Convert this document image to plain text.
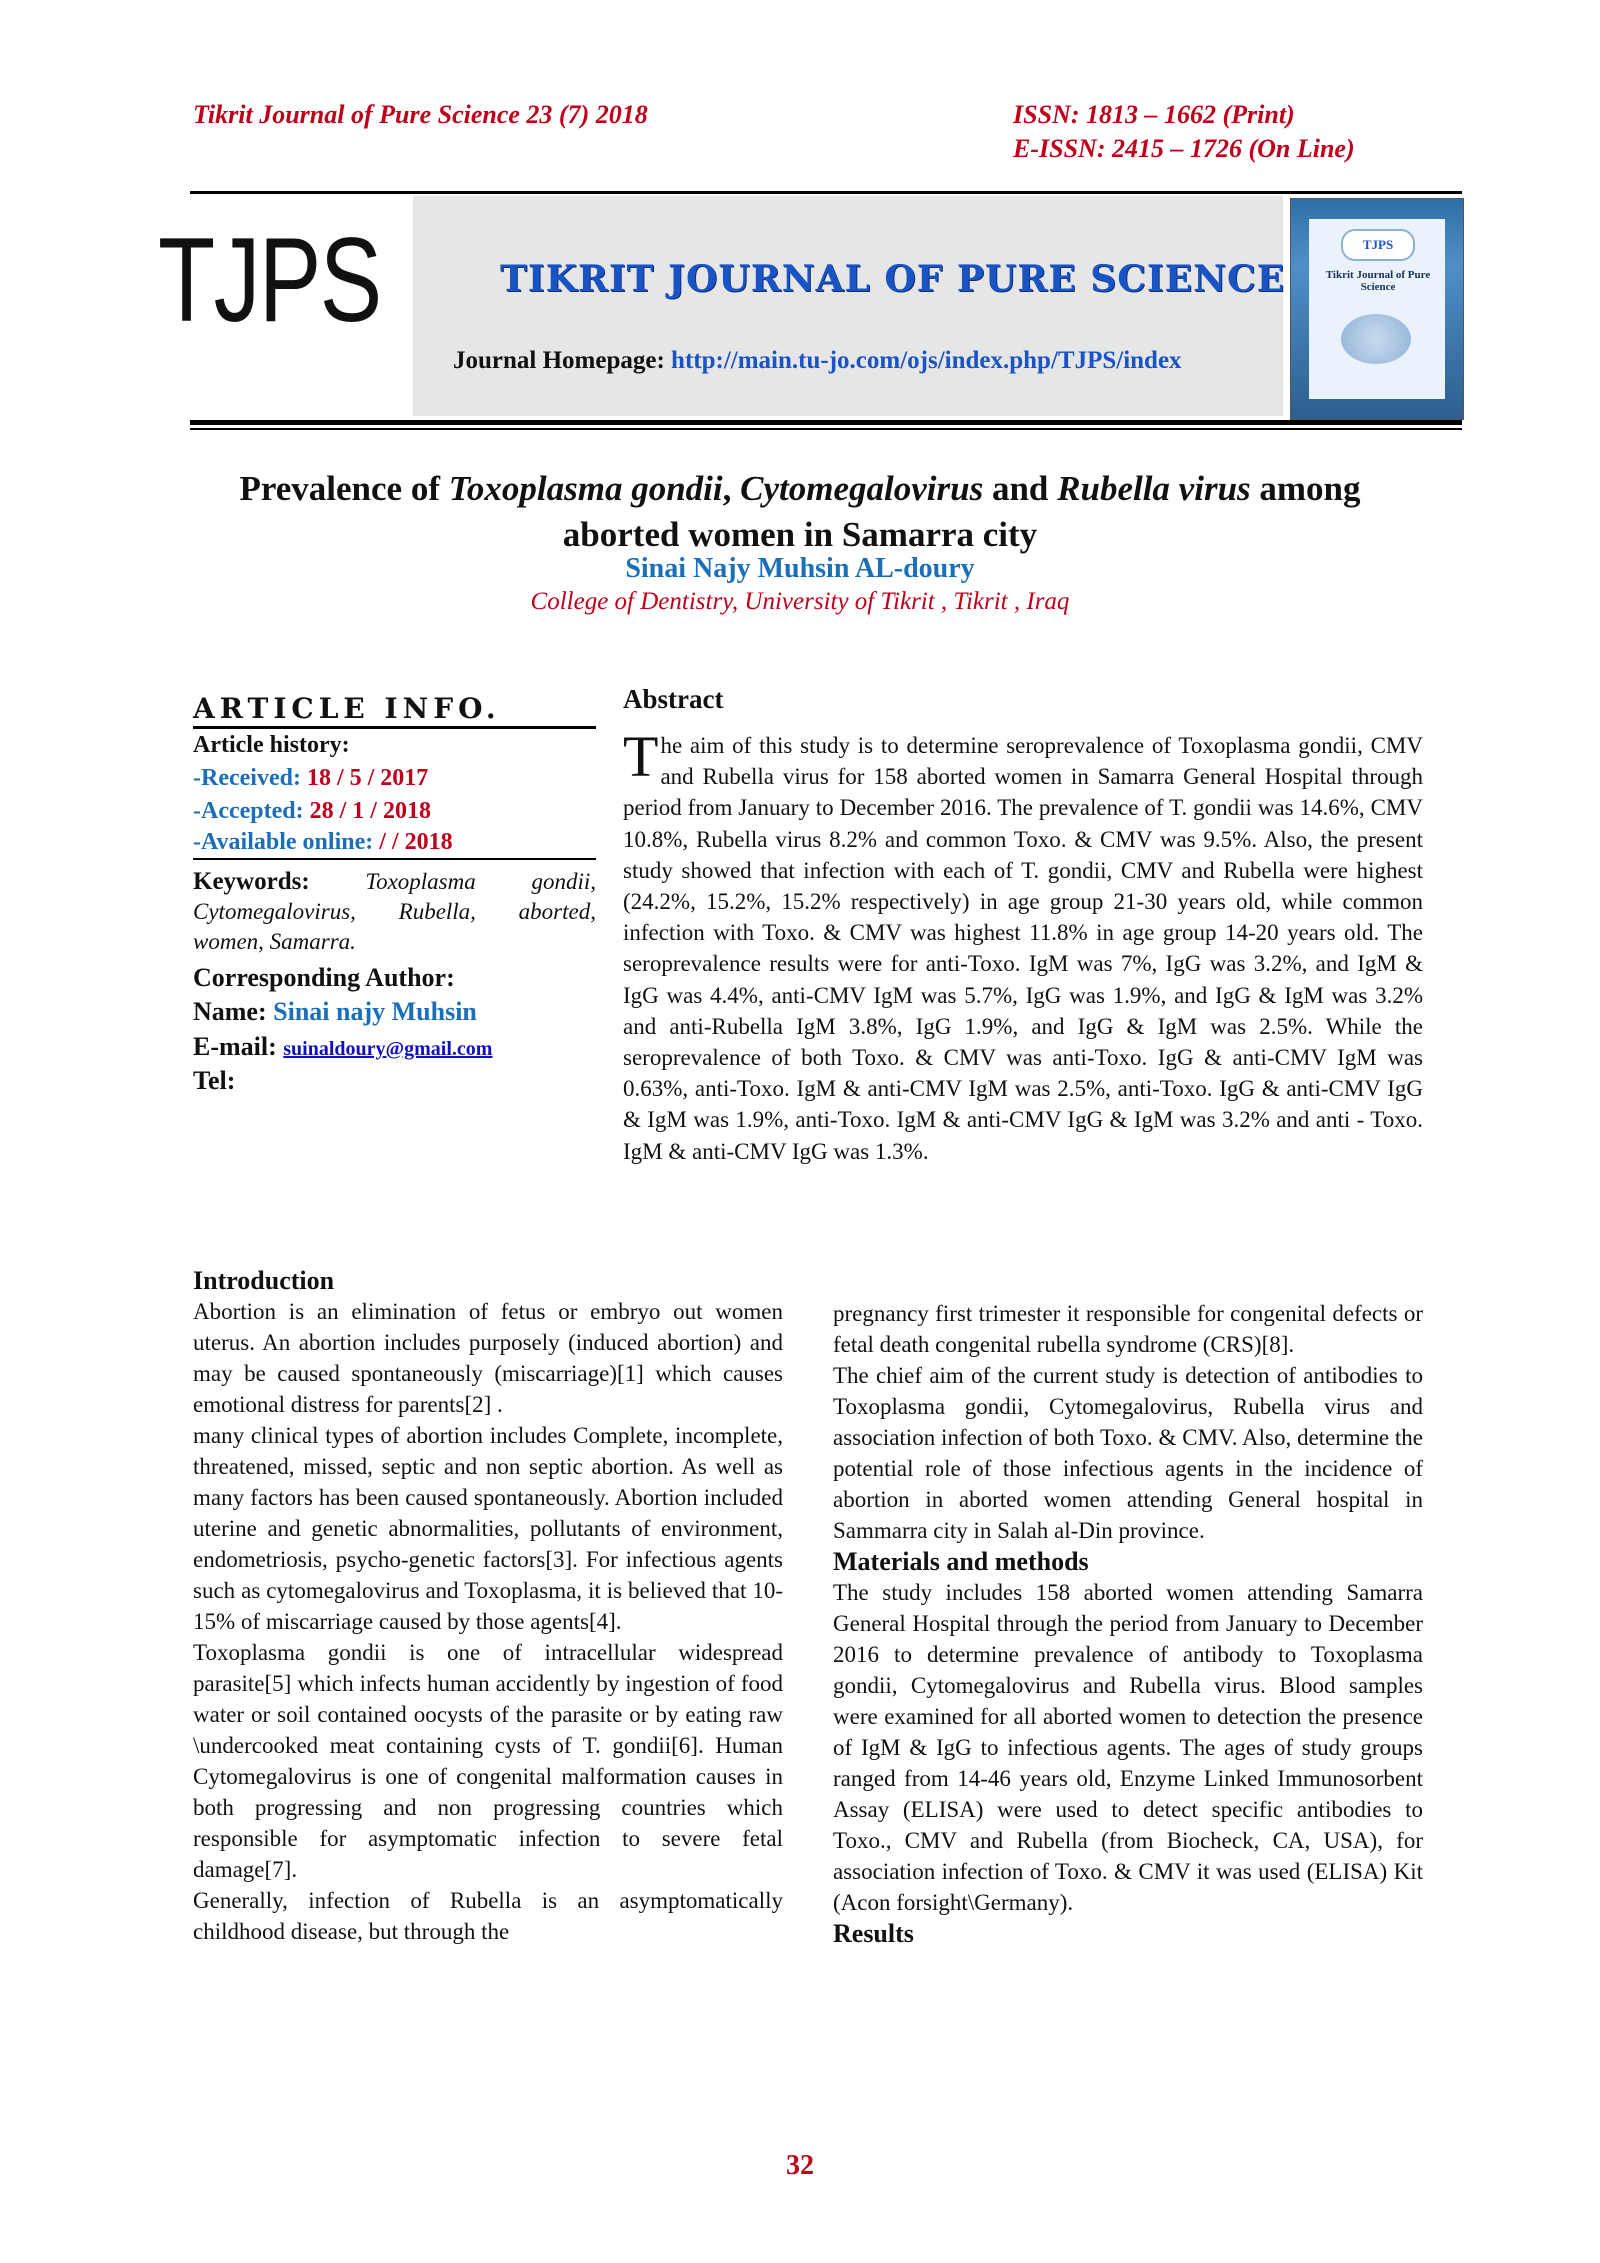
Tikrit Journal of Pure Science 23 (7) 2018	ISSN: 1813 – 1662 (Print)
E-ISSN: 2415 – 1726 (On Line)
TJPS	TIKRIT JOURNAL OF PURE SCIENCE
Journal Homepage: http://main.tu-jo.com/ojs/index.php/TJPS/index
TJPS
Tikrit Journal of Pure Science
Prevalence of Toxoplasma gondii, Cytomegalovirus and Rubella virus among
aborted women in Samarra city
Sinai Najy Muhsin AL-doury
College of Dentistry, University of Tikrit , Tikrit , Iraq
ARTICLE INFO.
Article history:
-Received: 18 / 5 / 2017
-Accepted: 28 / 1 / 2018
-Available online: / / 2018
Keywords: Toxoplasma gondii, Cytomegalovirus, Rubella, aborted, women, Samarra.
Corresponding Author:
Name: Sinai najy Muhsin
E-mail: suinaldoury@gmail.com
Tel:
Abstract
The aim of this study is to determine seroprevalence of Toxoplasma gondii, CMV and Rubella virus for 158 aborted women in Samarra General Hospital through period from January to December 2016. The prevalence of T. gondii was 14.6%, CMV 10.8%, Rubella virus 8.2% and common Toxo. & CMV was 9.5%. Also, the present study showed that infection with each of T. gondii, CMV and Rubella were highest (24.2%, 15.2%, 15.2% respectively) in age group 21-30 years old, while common infection with Toxo. & CMV was highest 11.8% in age group 14-20 years old. The seroprevalence results were for anti-Toxo. IgM was 7%, IgG was 3.2%, and IgM & IgG was 4.4%, anti-CMV IgM was 5.7%, IgG was 1.9%, and IgG & IgM was 3.2% and anti-Rubella IgM 3.8%, IgG 1.9%, and IgG & IgM was 2.5%. While the seroprevalence of both Toxo. & CMV was anti-Toxo. IgG & anti-CMV IgM was 0.63%, anti-Toxo. IgM & anti-CMV IgM was 2.5%, anti-Toxo. IgG & anti-CMV IgG & IgM was 1.9%, anti-Toxo. IgM & anti-CMV IgG & IgM was 3.2% and anti - Toxo. IgM & anti-CMV IgG was 1.3%.

Introduction

Abortion is an elimination of fetus or embryo out women uterus. An abortion includes purposely (induced abortion) and may be caused spontaneously (miscarriage)[1] which causes emotional distress for parents[2] .

many clinical types of abortion includes Complete, incomplete, threatened, missed, septic and non septic abortion. As well as many factors has been caused spontaneously. Abortion included uterine and genetic abnormalities, pollutants of environment, endometriosis, psycho-genetic factors[3]. For infectious agents such as cytomegalovirus and Toxoplasma, it is believed that 10-15% of miscarriage caused by those agents[4].

Toxoplasma gondii is one of intracellular widespread parasite[5] which infects human accidently by ingestion of food water or soil contained oocysts of the parasite or by eating raw \undercooked meat containing cysts of T. gondii[6]. Human Cytomegalovirus is one of congenital malformation causes in both progressing and non progressing countries which responsible for asymptomatic infection to severe fetal damage[7].

Generally, infection of Rubella is an asymptomatically childhood disease, but through the

pregnancy first trimester it responsible for congenital defects or fetal death congenital rubella syndrome (CRS)[8].

The chief aim of the current study is detection of antibodies to Toxoplasma gondii, Cytomegalovirus, Rubella virus and association infection of both Toxo. & CMV. Also, determine the potential role of those infectious agents in the incidence of abortion in aborted women attending General hospital in Sammarra city in Salah al-Din province.

Materials and methods

The study includes 158 aborted women attending Samarra General Hospital through the period from January to December 2016 to determine prevalence of antibody to Toxoplasma gondii, Cytomegalovirus and Rubella virus. Blood samples were examined for all aborted women to detection the presence of IgM & IgG to infectious agents. The ages of study groups ranged from 14-46 years old, Enzyme Linked Immunosorbent Assay (ELISA) were used to detect specific antibodies to Toxo., CMV and Rubella (from Biocheck, CA, USA), for association infection of Toxo. & CMV it was used (ELISA) Kit (Acon forsight\Germany).

Results

32
